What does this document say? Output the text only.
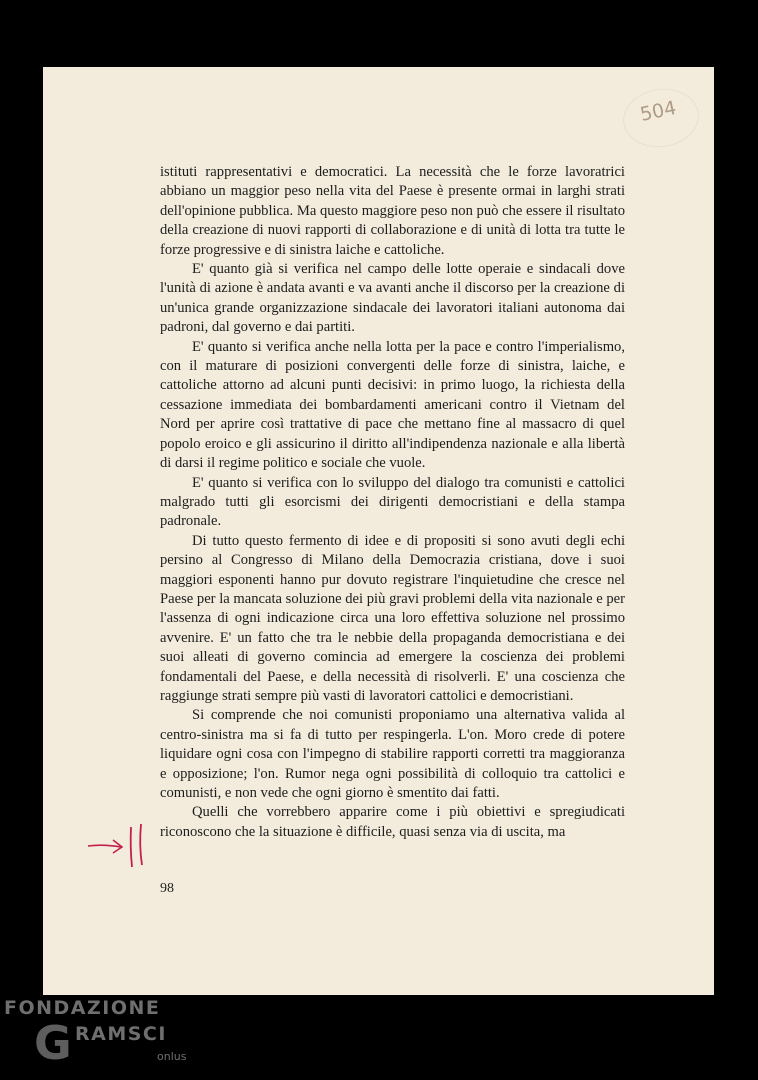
504

istituti rappresentativi e democratici. La necessità che le forze lavoratrici abbiano un maggior peso nella vita del Paese è presente ormai in larghi strati dell'opinione pubblica. Ma questo maggiore peso non può che essere il risultato della creazione di nuovi rapporti di collaborazione e di unità di lotta tra tutte le forze progressive e di sinistra laiche e cattoliche.

E' quanto già si verifica nel campo delle lotte operaie e sindacali dove l'unità di azione è andata avanti e va avanti anche il discorso per la creazione di un'unica grande organizzazione sindacale dei lavoratori italiani autonoma dai padroni, dal governo e dai partiti.

E' quanto si verifica anche nella lotta per la pace e contro l'imperialismo, con il maturare di posizioni convergenti delle forze di sinistra, laiche, e cattoliche attorno ad alcuni punti decisivi: in primo luogo, la richiesta della cessazione immediata dei bombardamenti americani contro il Vietnam del Nord per aprire così trattative di pace che mettano fine al massacro di quel popolo eroico e gli assicurino il diritto all'indipendenza nazionale e alla libertà di darsi il regime politico e sociale che vuole.

E' quanto si verifica con lo sviluppo del dialogo tra comunisti e cattolici malgrado tutti gli esorcismi dei dirigenti democristiani e della stampa padronale.

Di tutto questo fermento di idee e di propositi si sono avuti degli echi persino al Congresso di Milano della Democrazia cristiana, dove i suoi maggiori esponenti hanno pur dovuto registrare l'inquietudine che cresce nel Paese per la mancata soluzione dei più gravi problemi della vita nazionale e per l'assenza di ogni indicazione circa una loro effettiva soluzione nel prossimo avvenire. E' un fatto che tra le nebbie della propaganda democristiana e dei suoi alleati di governo comincia ad emergere la coscienza dei problemi fondamentali del Paese, e della necessità di risolverli. E' una coscienza che raggiunge strati sempre più vasti di lavoratori cattolici e democristiani.

Si comprende che noi comunisti proponiamo una alternativa valida al centro-sinistra ma si fa di tutto per respingerla. L'on. Moro crede di potere liquidare ogni cosa con l'impegno di stabilire rapporti corretti tra maggioranza e opposizione; l'on. Rumor nega ogni possibilità di colloquio tra cattolici e comunisti, e non vede che ogni giorno è smentito dai fatti.

Quelli che vorrebbero apparire come i più obiettivi e spregiudicati riconoscono che la situazione è difficile, quasi senza via di uscita, ma

98
FONDAZIONE
G RAMSCI
onlus
